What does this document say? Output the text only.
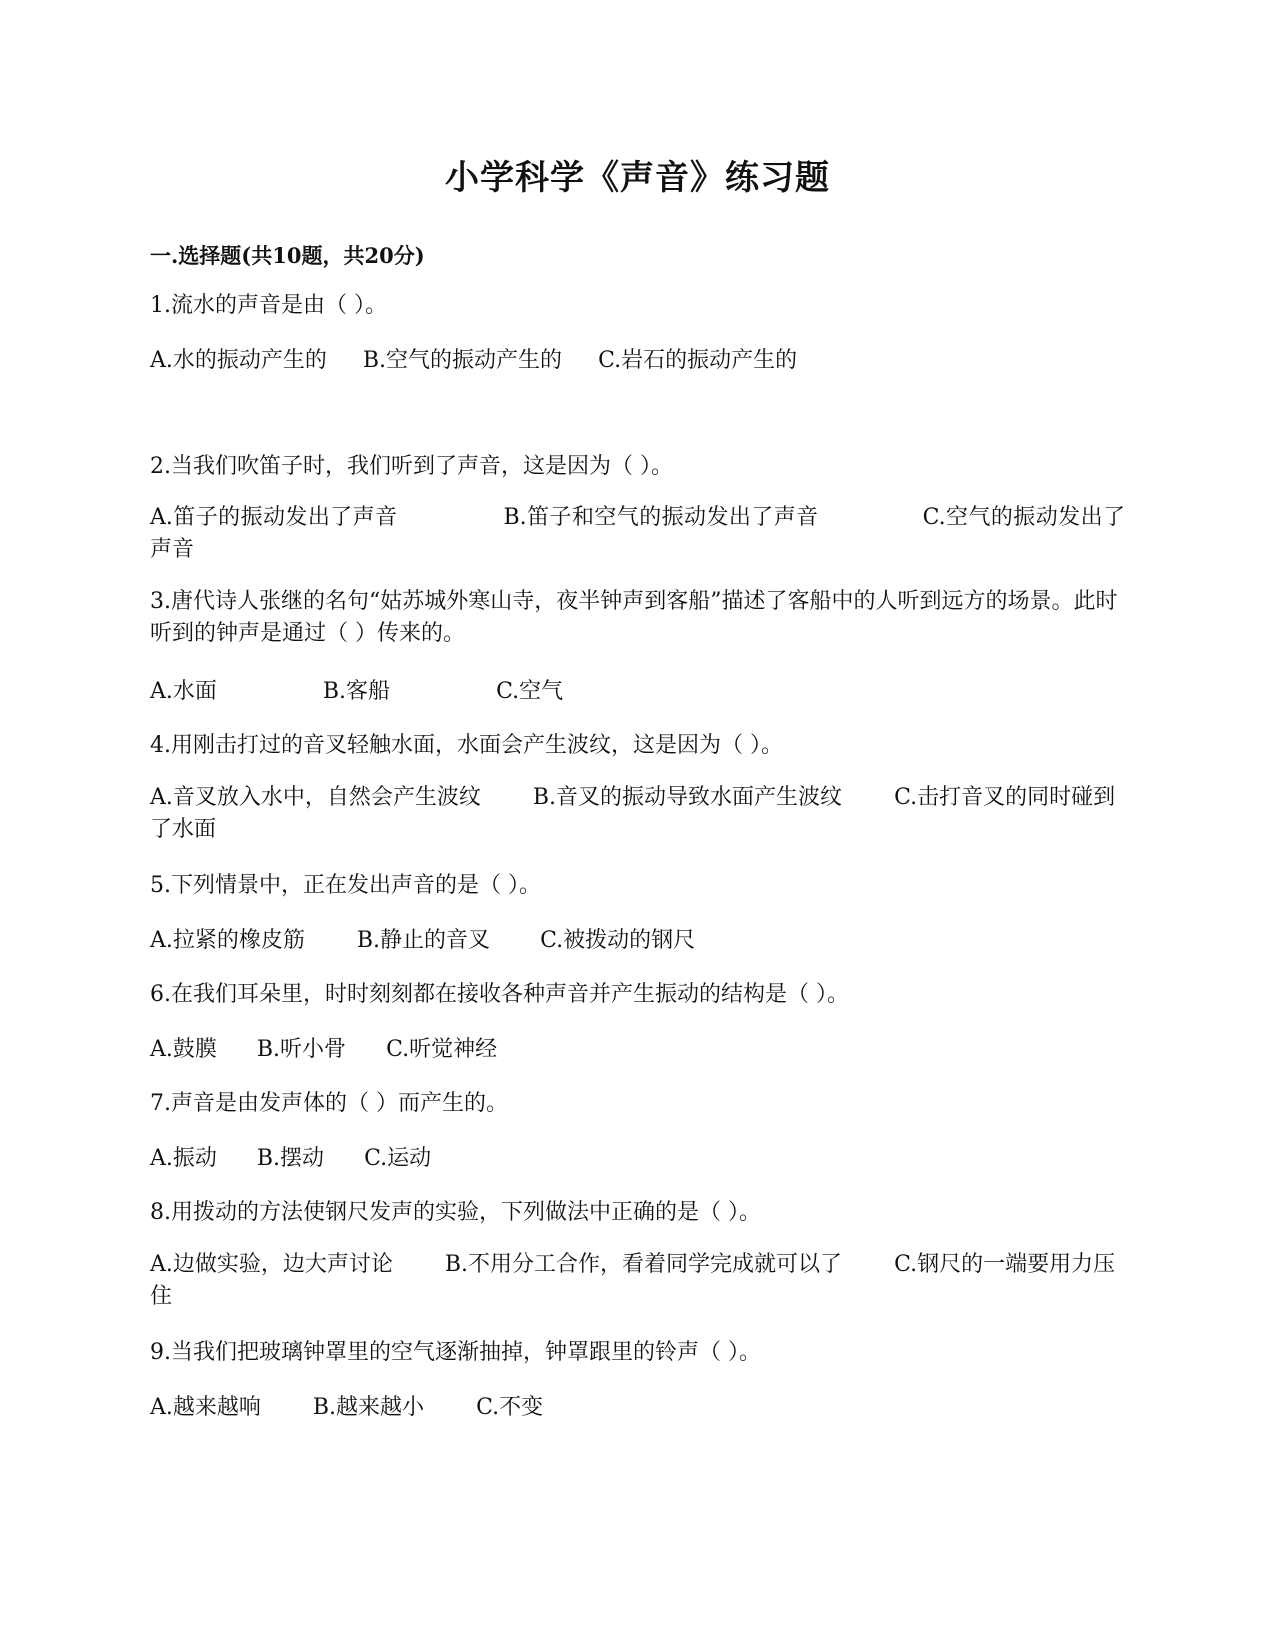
小学科学《声音》练习题
一.选择题(共10题，共20分)
1.流水的声音是由（ ）。
A.水的振动产生的 B.空气的振动产生的 C.岩石的振动产生的
2.当我们吹笛子时，我们听到了声音，这是因为（ ）。
A.笛子的振动发出了声音	B.笛子和空气的振动发出了声音	C.空气的振动发出了声音
3.唐代诗人张继的名句“姑苏城外寒山寺，夜半钟声到客船”描述了客船中的人听到远方的场景。此时听到的钟声是通过（ ）传来的。
A.水面	B.客船	C.空气
4.用刚击打过的音叉轻触水面，水面会产生波纹，这是因为（ ）。
A.音叉放入水中，自然会产生波纹 B.音叉的振动导致水面产生波纹 C.击打音叉的同时碰到了水面
5.下列情景中，正在发出声音的是（ ）。
A.拉紧的橡皮筋 B.静止的音叉 C.被拨动的钢尺
6.在我们耳朵里，时时刻刻都在接收各种声音并产生振动的结构是（ ）。
A.鼓膜 B.听小骨 C.听觉神经
7.声音是由发声体的（ ）而产生的。
A.振动 B.摆动 C.运动
8.用拨动的方法使钢尺发声的实验，下列做法中正确的是（ ）。
A.边做实验，边大声讨论 B.不用分工合作，看着同学完成就可以了 C.钢尺的一端要用力压住
9.当我们把玻璃钟罩里的空气逐渐抽掉，钟罩跟里的铃声（ ）。
A.越来越响 B.越来越小 C.不变
